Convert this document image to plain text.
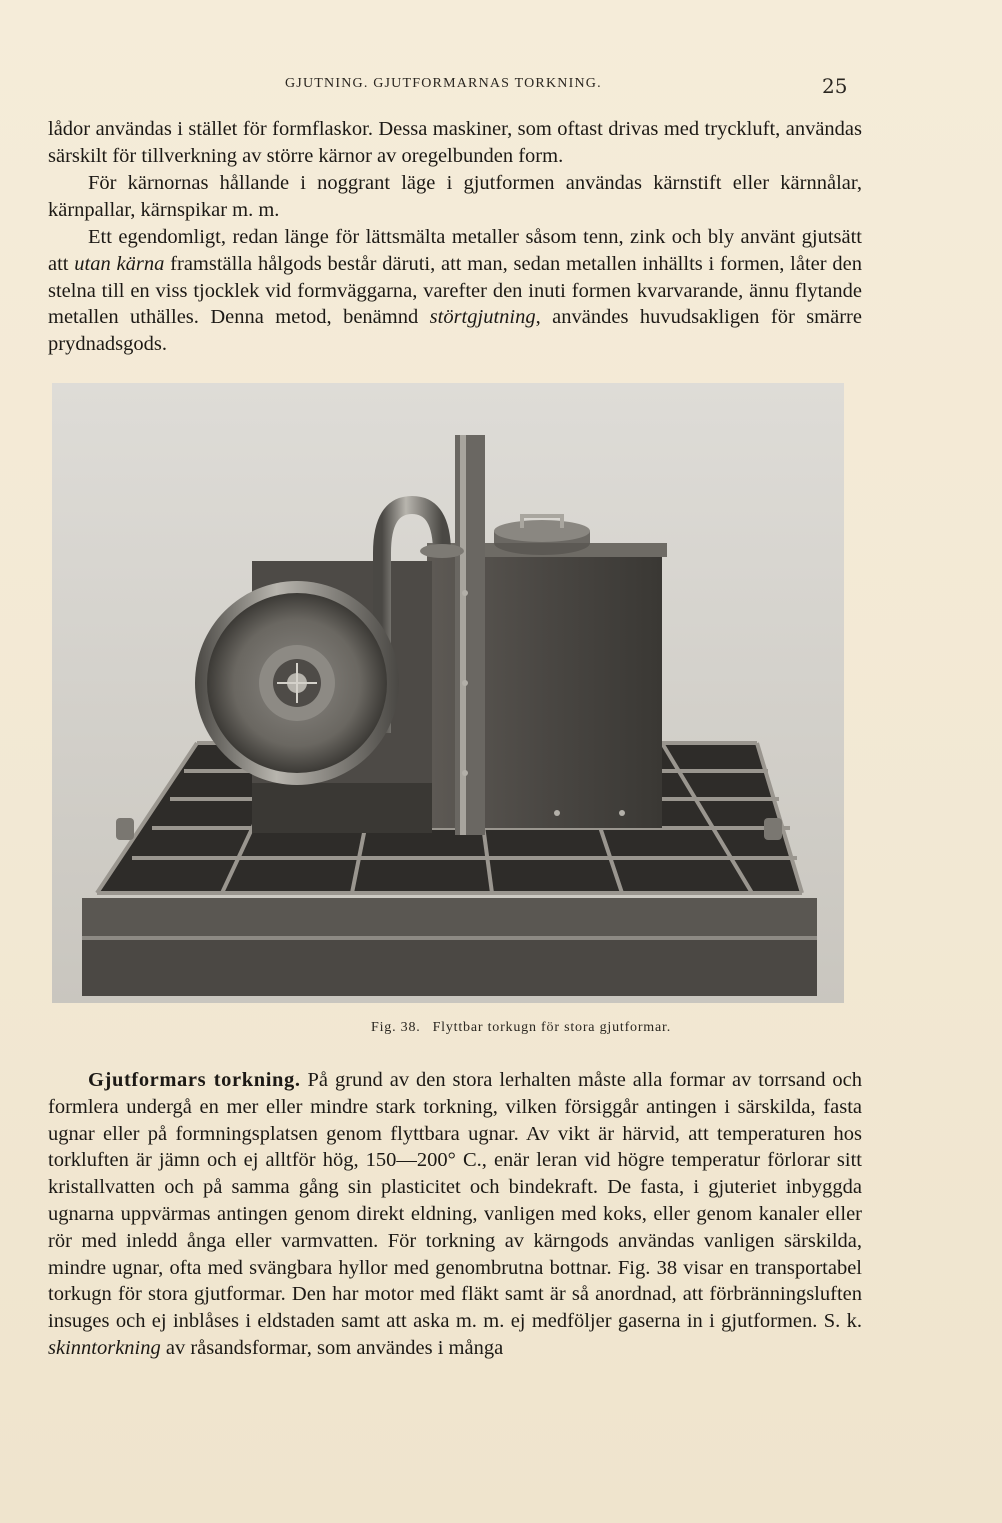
GJUTNING. GJUTFORMARNAS TORKNING.	25

lådor användas i stället för formflaskor. Dessa maskiner, som oftast drivas med tryckluft, användas särskilt för tillverkning av större kärnor av oregelbunden form.

För kärnornas hållande i noggrant läge i gjutformen användas kärnstift eller kärnnålar, kärnpallar, kärnspikar m. m.

Ett egendomligt, redan länge för lättsmälta metaller såsom tenn, zink och bly använt gjutsätt att utan kärna framställa hålgods består däruti, att man, sedan metallen inhällts i formen, låter den stelna till en viss tjocklek vid formväggarna, varefter den inuti formen kvarvarande, ännu flytande metallen uthälles. Denna metod, benämnd störtgjutning, användes huvudsakligen för smärre prydnadsgods.

Fig. 38. Flyttbar torkugn för stora gjutformar.

Gjutformars torkning. På grund av den stora lerhalten måste alla formar av torrsand och formlera undergå en mer eller mindre stark torkning, vilken försiggår antingen i särskilda, fasta ugnar eller på formningsplatsen genom flyttbara ugnar. Av vikt är härvid, att temperaturen hos torkluften är jämn och ej alltför hög, 150—200° C., enär leran vid högre temperatur förlorar sitt kristallvatten och på samma gång sin plasticitet och bindekraft. De fasta, i gjuteriet inbyggda ugnarna uppvärmas antingen genom direkt eldning, vanligen med koks, eller genom kanaler eller rör med inledd ånga eller varmvatten. För torkning av kärngods användas vanligen särskilda, mindre ugnar, ofta med svängbara hyllor med genombrutna bottnar. Fig. 38 visar en transportabel torkugn för stora gjutformar. Den har motor med fläkt samt är så anordnad, att förbränningsluften insuges och ej inblåses i eldstaden samt att aska m. m. ej medföljer gaserna in i gjutformen. S. k. skinntorkning av råsandsformar, som användes i många
